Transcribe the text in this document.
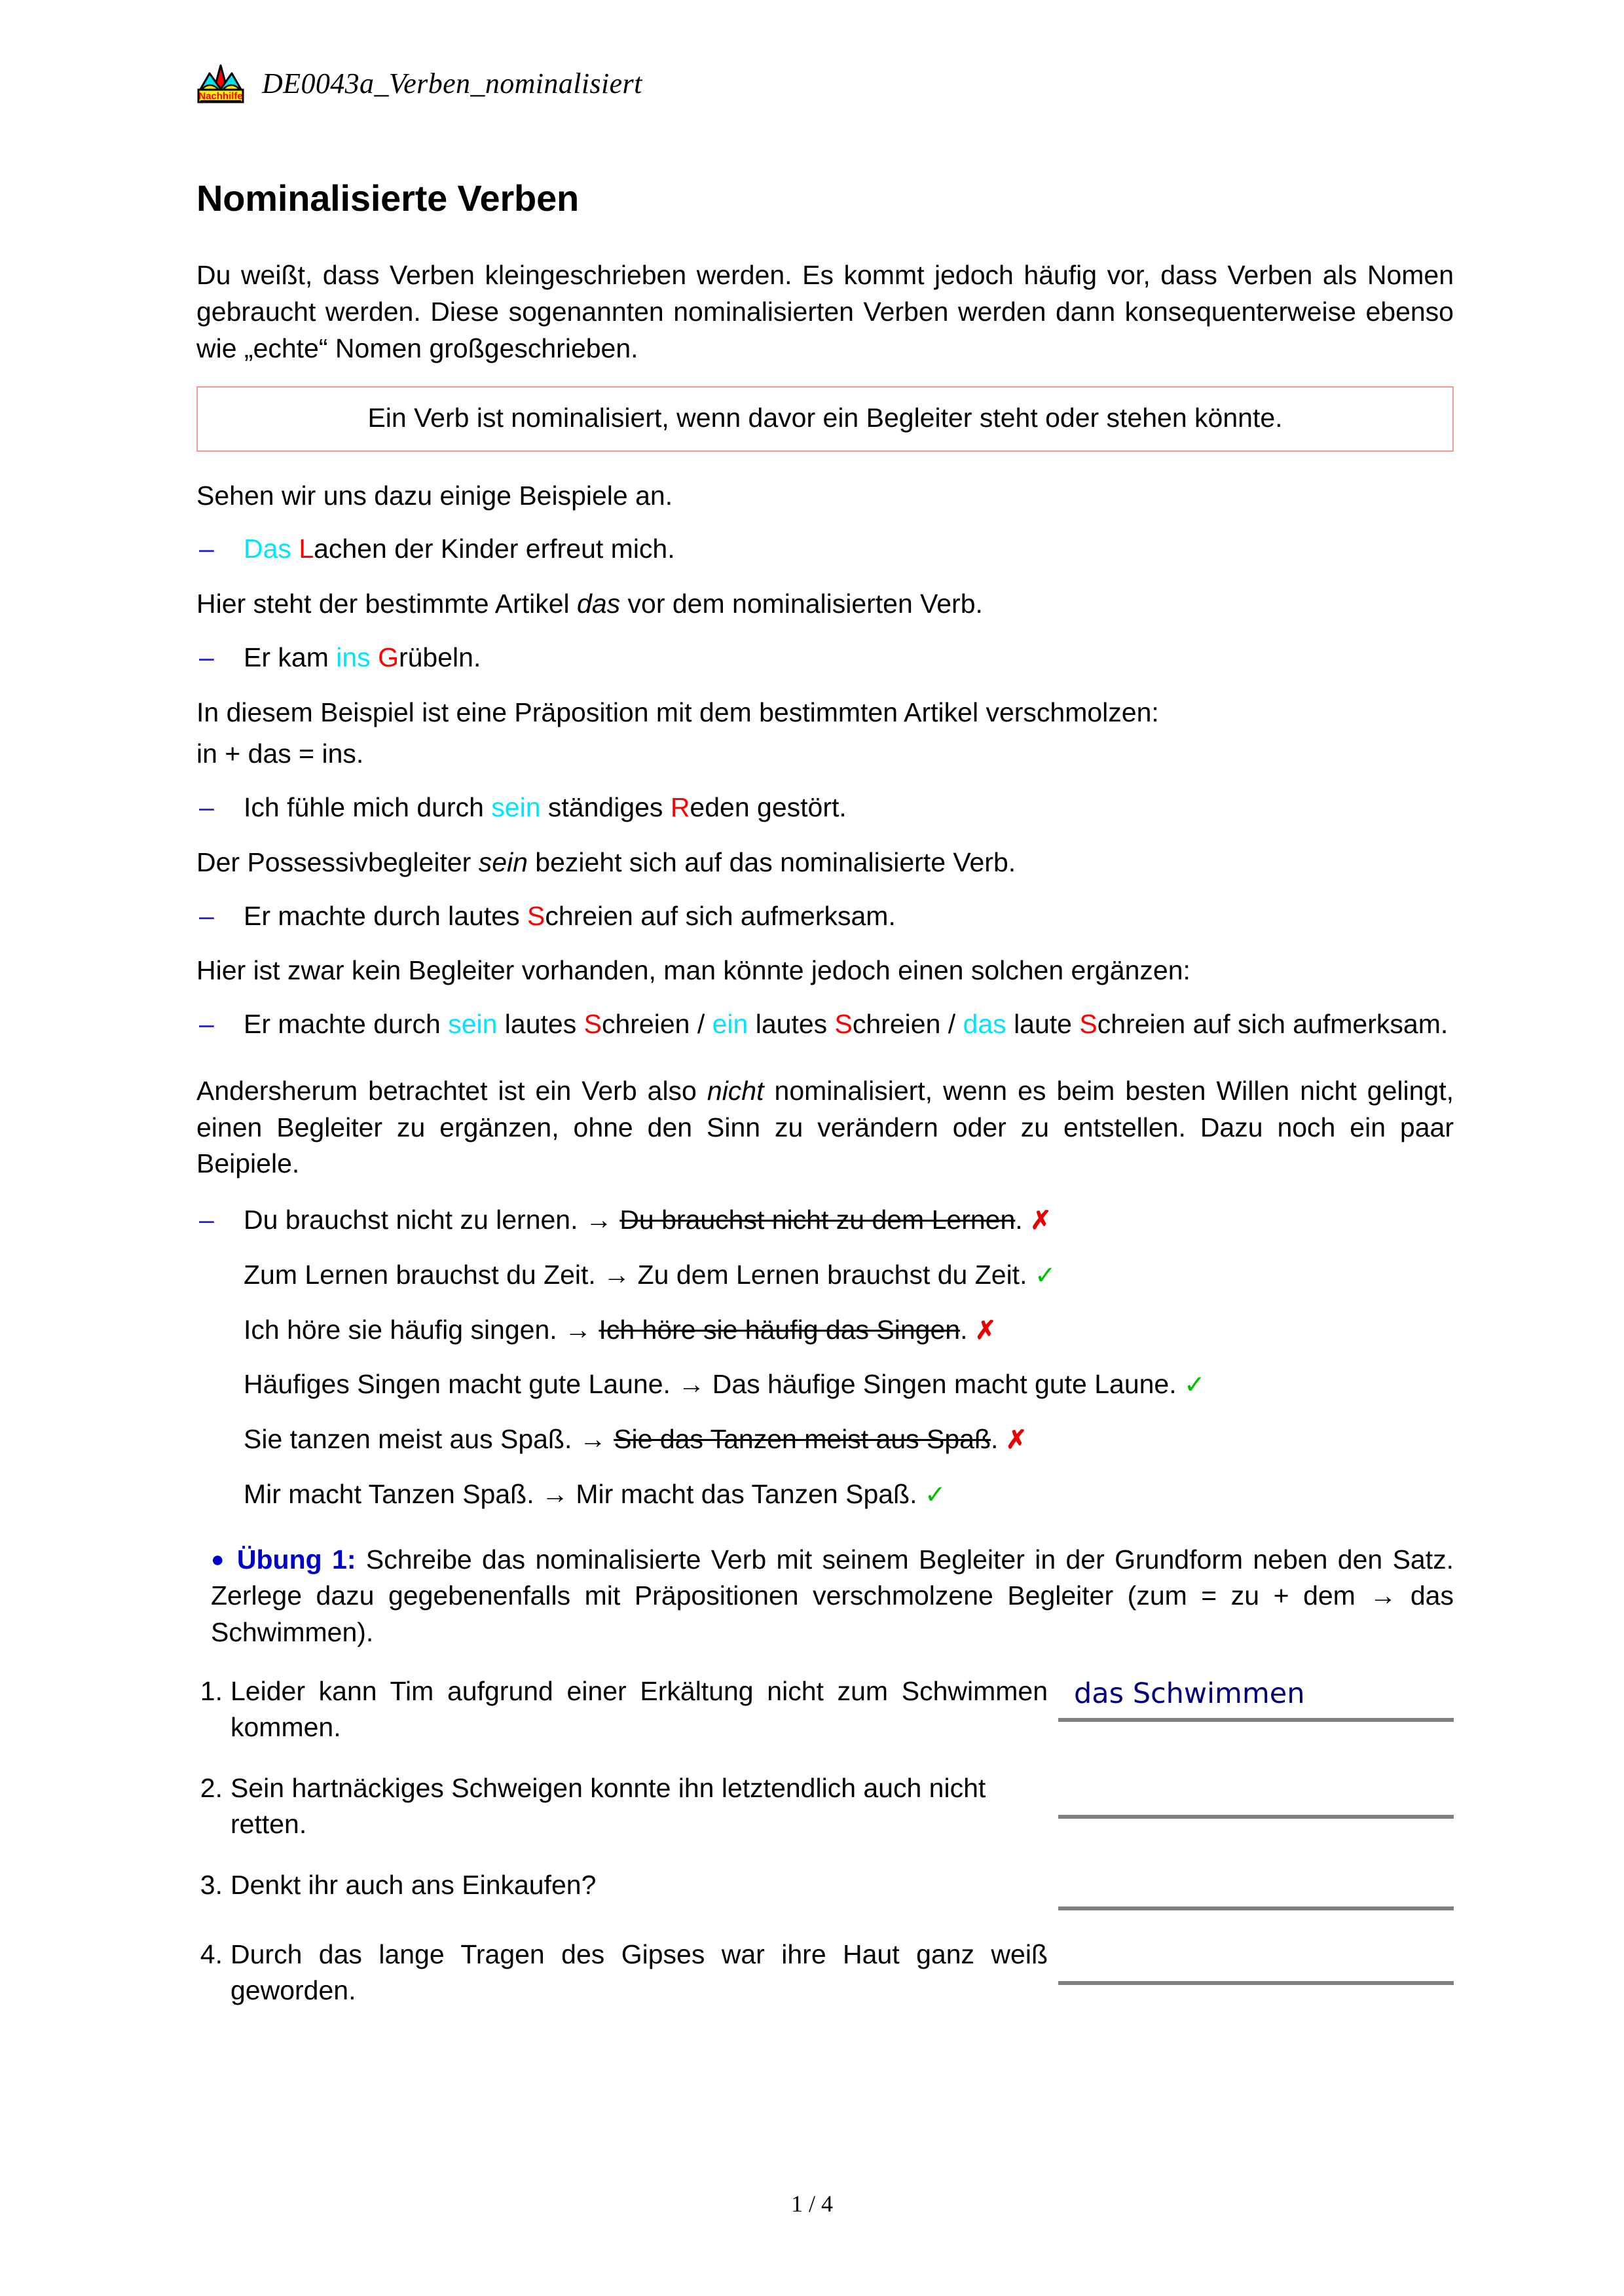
Nachhilfe DE0043a_Verben_nominalisiert
Nominalisierte Verben

Du weißt, dass Verben kleingeschrieben werden. Es kommt jedoch häufig vor, dass Verben als Nomen gebraucht werden. Diese sogenannten nominalisierten Verben werden dann konsequenterweise ebenso wie „echte“ Nomen großgeschrieben.

Ein Verb ist nominalisiert, wenn davor ein Begleiter steht oder stehen könnte.

Sehen wir uns dazu einige Beispiele an.

– Das Lachen der Kinder erfreut mich.

Hier steht der bestimmte Artikel das vor dem nominalisierten Verb.

– Er kam ins Grübeln.

In diesem Beispiel ist eine Präposition mit dem bestimmten Artikel verschmolzen:

in + das = ins.

– Ich fühle mich durch sein ständiges Reden gestört.

Der Possessivbegleiter sein bezieht sich auf das nominalisierte Verb.

– Er machte durch lautes Schreien auf sich aufmerksam.

Hier ist zwar kein Begleiter vorhanden, man könnte jedoch einen solchen ergänzen:

– Er machte durch sein lautes Schreien / ein lautes Schreien / das laute Schreien auf sich aufmerksam.

Andersherum betrachtet ist ein Verb also nicht nominalisiert, wenn es beim besten Willen nicht gelingt, einen Begleiter zu ergänzen, ohne den Sinn zu verändern oder zu entstellen. Dazu noch ein paar Beipiele.

– Du brauchst nicht zu lernen. → Du brauchst nicht zu dem Lernen. ✗
Zum Lernen brauchst du Zeit. → Zu dem Lernen brauchst du Zeit. ✓
Ich höre sie häufig singen. → Ich höre sie häufig das Singen. ✗
Häufiges Singen macht gute Laune. → Das häufige Singen macht gute Laune. ✓
Sie tanzen meist aus Spaß. → Sie das Tanzen meist aus Spaß. ✗
Mir macht Tanzen Spaß. → Mir macht das Tanzen Spaß. ✓

● Übung 1: Schreibe das nominalisierte Verb mit seinem Begleiter in der Grundform neben den Satz. Zerlege dazu gegebenenfalls mit Präpositionen verschmolzene Begleiter (zum = zu + dem → das Schwimmen).

1. Leider kann Tim aufgrund einer Erkältung nicht zum Schwimmen kommen.
das Schwimmen
2. Sein hartnäckiges Schweigen konnte ihn letztendlich auch nicht retten.
3. Denkt ihr auch ans Einkaufen?
4. Durch das lange Tragen des Gipses war ihre Haut ganz weiß geworden.
1 / 4
